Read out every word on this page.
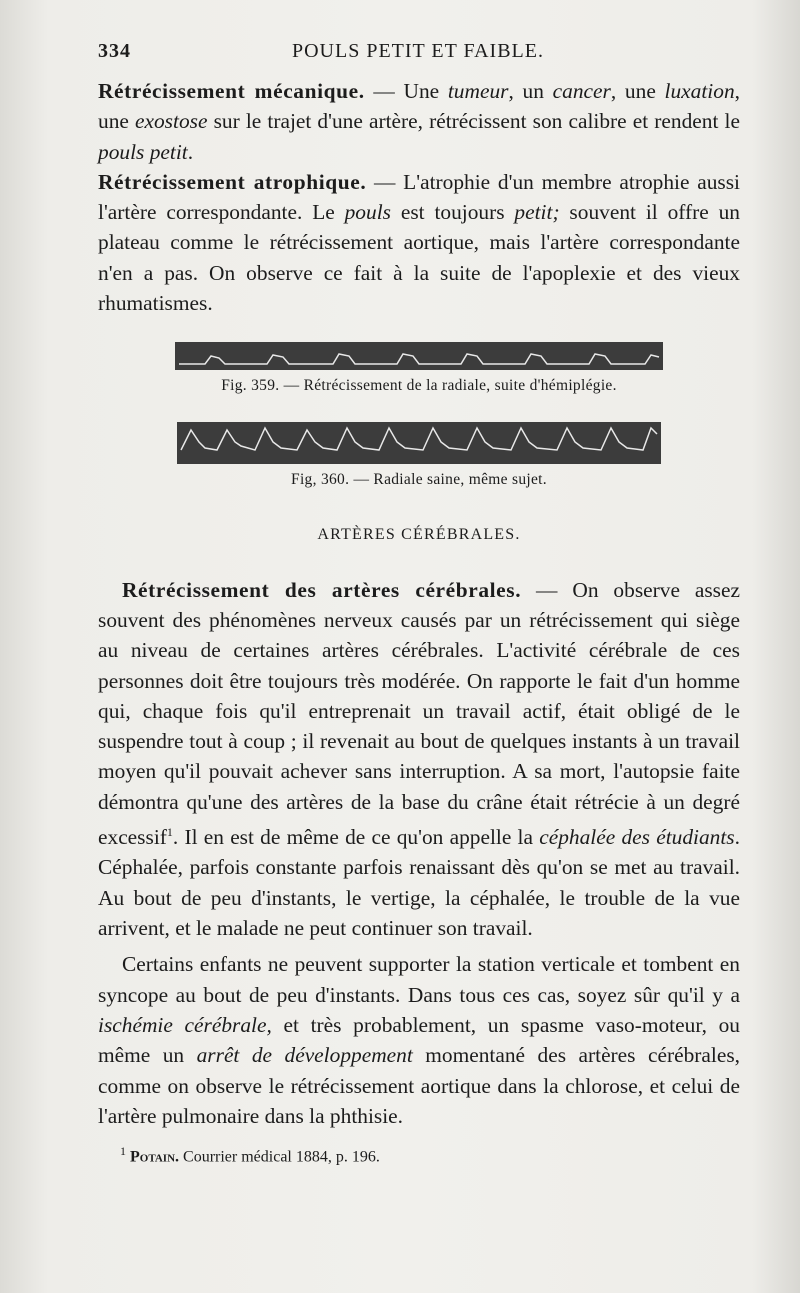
334	POULS PETIT ET FAIBLE.

Rétrécissement mécanique. — Une tumeur, un cancer, une luxation, une exostose sur le trajet d'une artère, rétrécissent son calibre et rendent le pouls petit.

Rétrécissement atrophique. — L'atrophie d'un membre atrophie aussi l'artère correspondante. Le pouls est toujours petit; souvent il offre un plateau comme le rétrécissement aortique, mais l'artère correspondante n'en a pas. On observe ce fait à la suite de l'apoplexie et des vieux rhumatismes.

Fig. 359. — Rétrécissement de la radiale, suite d'hémiplégie.
Fig, 360. — Radiale saine, même sujet.

ARTÈRES CÉRÉBRALES.

Rétrécissement des artères cérébrales. — On observe assez souvent des phénomènes nerveux causés par un rétrécissement qui siège au niveau de certaines artères cérébrales. L'activité cérébrale de ces personnes doit être toujours très modérée. On rapporte le fait d'un homme qui, chaque fois qu'il entreprenait un travail actif, était obligé de le suspendre tout à coup ; il revenait au bout de quelques instants à un travail moyen qu'il pouvait achever sans interruption. A sa mort, l'autopsie faite démontra qu'une des artères de la base du crâne était rétrécie à un degré excessif$^1$. Il en est de même de ce qu'on appelle la céphalée des étudiants. Céphalée, parfois constante parfois renaissant dès qu'on se met au travail. Au bout de peu d'instants, le vertige, la céphalée, le trouble de la vue arrivent, et le malade ne peut continuer son travail.

Certains enfants ne peuvent supporter la station verticale et tombent en syncope au bout de peu d'instants. Dans tous ces cas, soyez sûr qu'il y a ischémie cérébrale, et très probablement, un spasme vaso-moteur, ou même un arrêt de développement momentané des artères cérébrales, comme on observe le rétrécissement aortique dans la chlorose, et celui de l'artère pulmonaire dans la phthisie.

$^1$ Potain. Courrier médical 1884, p. 196.
